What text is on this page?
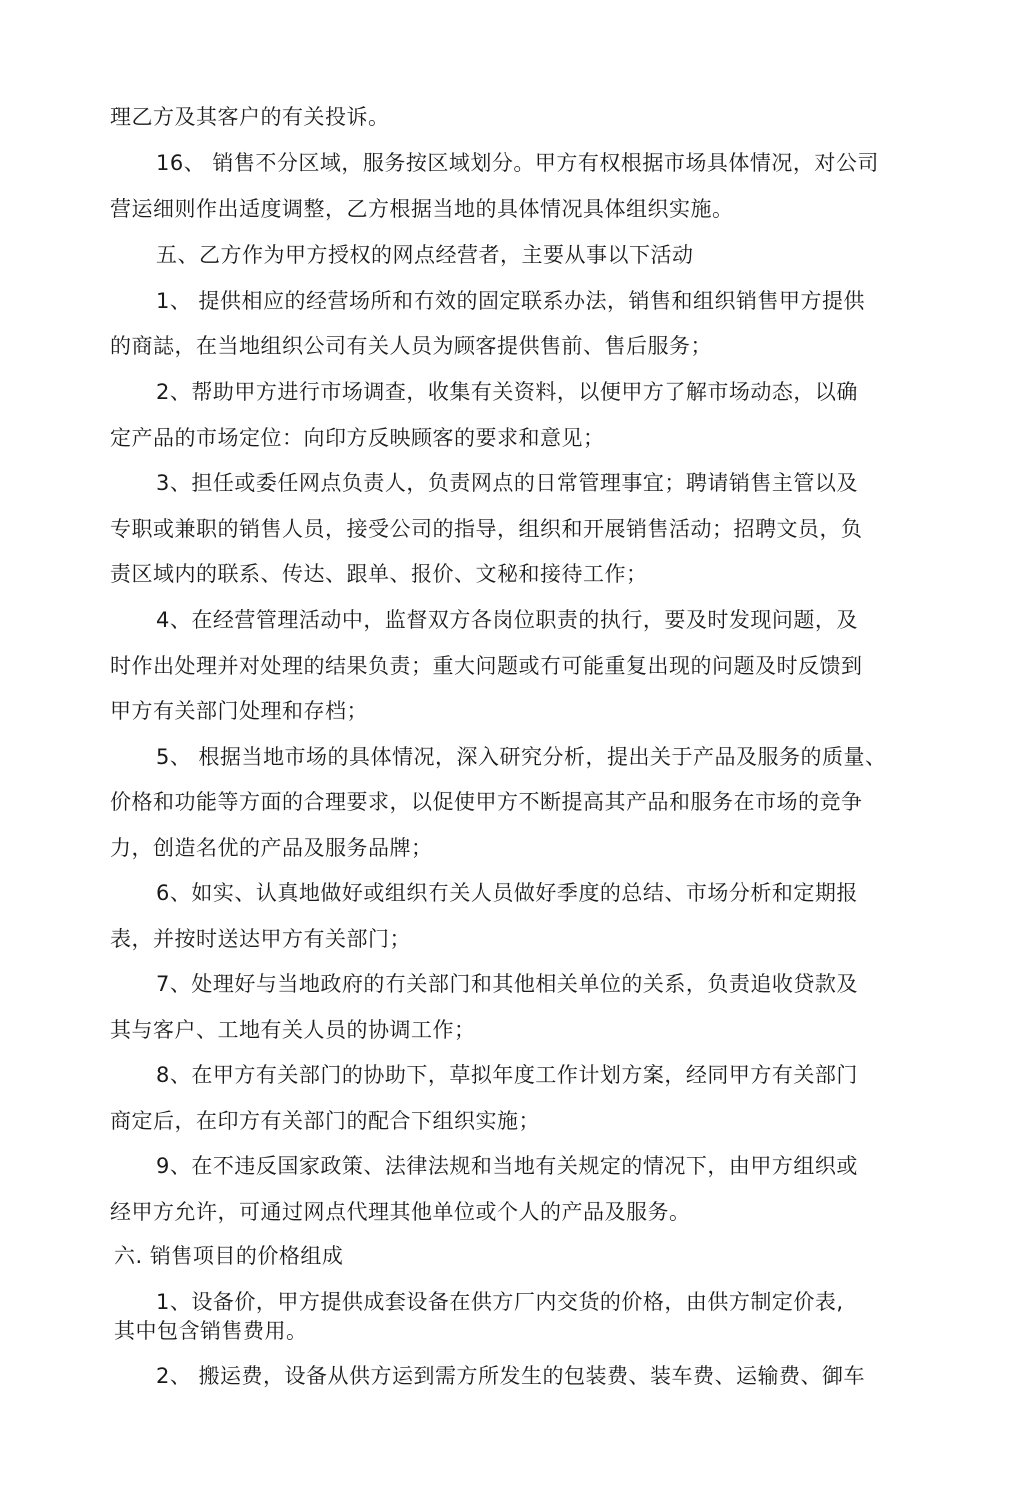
理乙方及其客户的有关投诉。
16、 销售不分区域，服务按区域划分。甲方有权根据市场具体情况，对公司
营运细则作出适度调整，乙方根据当地的具体情况具体组织实施。
五、乙方作为甲方授权的网点经营者，主要从事以下活动
1、 提供相应的经营场所和冇效的固定联系办法，销售和组织销售甲方提供
的商誌，在当地组织公司有关人员为顾客提供售前、售后服务；
2、帮助甲方进行市场调查，收集有关资料，以便甲方了解市场动态，以确
定产品的市场定位：向印方反映顾客的要求和意见；
3、担任或委任网点负责人，负责网点的日常管理事宜；聘请销售主管以及
专职或兼职的销售人员，接受公司的指导，组织和开展销售活动；招聘文员，负
责区域内的联系、传达、跟单、报价、文秘和接待工作；
4、在经营管理活动中，监督双方各岗位职责的执行，要及时发现问题，及
时作出处理并对处理的结果负责；重大问题或冇可能重复出现的问题及时反馈到
甲方有关部门处理和存档；
5、 根据当地市场的具体情况，深入研究分析，提出关于产品及服务的质量、
价格和功能等方面的合理要求，以促使甲方不断提高其产品和服务在市场的竞争
力，创造名优的产品及服务品牌；
6、如实、认真地做好或组织冇关人员做好季度的总结、市场分析和定期报
表，并按时送达甲方有关部门；
7、处理好与当地政府的冇关部门和其他相关单位的关系，负责追收贷款及
其与客户、工地有关人员的协调工作；
8、在甲方有关部门的协助下，草拟年度工作计划方案，经同甲方有关部门
商定后，在印方有关部门的配合下组织实施；
9、在不违反国家政策、法律法规和当地有关规定的情况下，由甲方组织或
经甲方允许，可通过网点代理其他单位或个人的产品及服务。
六. 销售项目的价格组成
1、设备价，甲方提供成套设备在供方厂内交货的价格，由供方制定价表,
其中包含销售费用。
2、 搬运费，设备从供方运到需方所发生的包装费、装车费、运输费、御车
